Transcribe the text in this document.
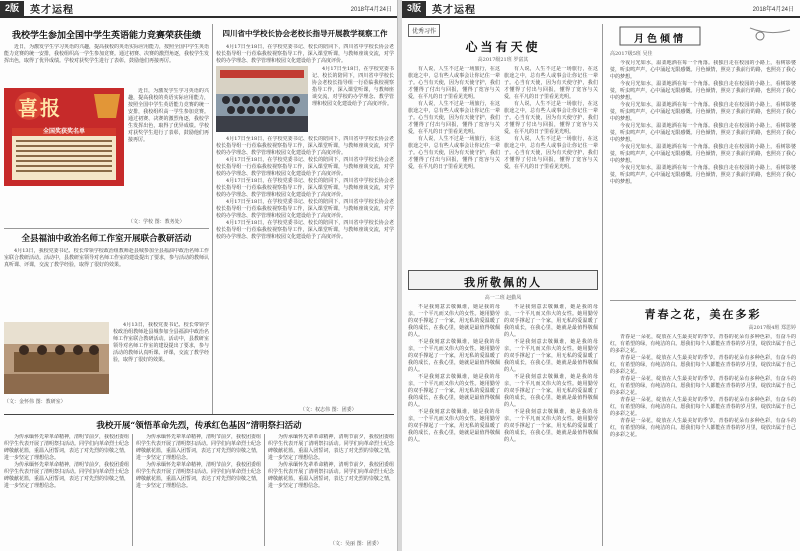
2版	英才运程	2018年4月24日
我校学生参加全国中学生英语能力竞赛荣获佳绩

近日，为激发学生学习英语的兴趣，提高我校的英语实际应用能力，按照全国中学生英语能力竞赛的统一安排，我校组织高一学生参加竞赛。通过初赛、决赛的激烈角逐，我校学生发挥出色，取得了优异成绩。学校对获奖学生进行了表彰，鼓励他们再接再厉。

喜报
全国奖获奖名单

近日，为激发学生学习英语的兴趣，提高我校的英语实际应用能力，按照全国中学生英语能力竞赛的统一安排，我校组织高一学生参加竞赛。通过初赛、决赛的激烈角逐，我校学生发挥出色，取得了优异成绩。学校对获奖学生进行了表彰，鼓励他们再接再厉。

（文：学校 图：教务处）
全县福油中政治名师工作室开展联合教研活动

4月13日，我校党委书记、校长带领学校政治组教师赴县城参加全县福油中政治名师工作室联合教研活动。活动中，县教研室领导对名师工作室的建设提出了要求，参与活动的教师认真听课、评课，交流了教学经验，取得了很好的效果。

4月13日，我校党委书记、校长带领学校政治组教师赴县城参加全县福油中政治名师工作室联合教研活动。活动中，县教研室领导对名师工作室的建设提出了要求，参与活动的教师认真听课、评课，交流了教学经验，取得了很好的效果。

（文：金怀伟 图：教研室）
四川省中学校长协会老校长指导开展教学视察工作

4月17日至18日，在学校党委书记、校长的陪同下，四川省中学校长协会老校长指导组一行莅临我校视察指导工作，深入课堂听课，与教师座谈交流，对学校的办学理念、教学管理和校园文化建设给予了高度评价。

4月17日至18日，在学校党委书记、校长的陪同下，四川省中学校长协会老校长指导组一行莅临我校视察指导工作，深入课堂听课，与教师座谈交流，对学校的办学理念、教学管理和校园文化建设给予了高度评价。

4月17日至18日，在学校党委书记、校长的陪同下，四川省中学校长协会老校长指导组一行莅临我校视察指导工作，深入课堂听课，与教师座谈交流，对学校的办学理念、教学管理和校园文化建设给予了高度评价。

4月17日至18日，在学校党委书记、校长的陪同下，四川省中学校长协会老校长指导组一行莅临我校视察指导工作，深入课堂听课，与教师座谈交流，对学校的办学理念、教学管理和校园文化建设给予了高度评价。

4月17日至18日，在学校党委书记、校长的陪同下，四川省中学校长协会老校长指导组一行莅临我校视察指导工作，深入课堂听课，与教师座谈交流，对学校的办学理念、教学管理和校园文化建设给予了高度评价。

4月17日至18日，在学校党委书记、校长的陪同下，四川省中学校长协会老校长指导组一行莅临我校视察指导工作，深入课堂听课，与教师座谈交流，对学校的办学理念、教学管理和校园文化建设给予了高度评价。

4月17日至18日，在学校党委书记、校长的陪同下，四川省中学校长协会老校长指导组一行莅临我校视察指导工作，深入课堂听课，与教师座谈交流，对学校的办学理念、教学管理和校园文化建设给予了高度评价。

（文：权志伟 图：团委）
我校开展“领悟革命先烈，传承红色基因”清明祭扫活动

为传承缅怀先辈革命精神，清明节前夕，我校团委组织学生代表开展了清明祭扫活动。同学们向革命烈士纪念碑敬献花篮，重温入团誓词，表达了对先烈的崇敬之情，进一步坚定了理想信念。

为传承缅怀先辈革命精神，清明节前夕，我校团委组织学生代表开展了清明祭扫活动。同学们向革命烈士纪念碑敬献花篮，重温入团誓词，表达了对先烈的崇敬之情，进一步坚定了理想信念。

为传承缅怀先辈革命精神，清明节前夕，我校团委组织学生代表开展了清明祭扫活动。同学们向革命烈士纪念碑敬献花篮，重温入团誓词，表达了对先烈的崇敬之情，进一步坚定了理想信念。

为传承缅怀先辈革命精神，清明节前夕，我校团委组织学生代表开展了清明祭扫活动。同学们向革命烈士纪念碑敬献花篮，重温入团誓词，表达了对先烈的崇敬之情，进一步坚定了理想信念。

为传承缅怀先辈革命精神，清明节前夕，我校团委组织学生代表开展了清明祭扫活动。同学们向革命烈士纪念碑敬献花篮，重温入团誓词，表达了对先烈的崇敬之情，进一步坚定了理想信念。

为传承缅怀先辈革命精神，清明节前夕，我校团委组织学生代表开展了清明祭扫活动。同学们向革命烈士纪念碑敬献花篮，重温入团誓词，表达了对先烈的崇敬之情，进一步坚定了理想信念。

（文：吴丽 图：团委）
3版	英才运程	2018年4月24日
优秀习作
心当有天使
高2017级21班 罗富其

有人说，人生不过是一场旅行，在这旅途之中，总有些人或事会让你记住一辈子。心当有天使，因为有天使守护，我们才懂得了付出与回报，懂得了宽容与关爱，在平凡的日子里看见光明。

有人说，人生不过是一场旅行，在这旅途之中，总有些人或事会让你记住一辈子。心当有天使，因为有天使守护，我们才懂得了付出与回报，懂得了宽容与关爱，在平凡的日子里看见光明。

有人说，人生不过是一场旅行，在这旅途之中，总有些人或事会让你记住一辈子。心当有天使，因为有天使守护，我们才懂得了付出与回报，懂得了宽容与关爱，在平凡的日子里看见光明。

有人说，人生不过是一场旅行，在这旅途之中，总有些人或事会让你记住一辈子。心当有天使，因为有天使守护，我们才懂得了付出与回报，懂得了宽容与关爱，在平凡的日子里看见光明。

有人说，人生不过是一场旅行，在这旅途之中，总有些人或事会让你记住一辈子。心当有天使，因为有天使守护，我们才懂得了付出与回报，懂得了宽容与关爱，在平凡的日子里看见光明。

有人说，人生不过是一场旅行，在这旅途之中，总有些人或事会让你记住一辈子。心当有天使，因为有天使守护，我们才懂得了付出与回报，懂得了宽容与关爱，在平凡的日子里看见光明。

我所敬佩的人
高一二班 赵勤凤

不是我刻意去敬佩谁，她是我的母亲，一个平凡而又伟大的女性。她用勤劳的双手撑起了一个家，用无私的爱温暖了我的成长，在我心里，她就是最值得敬佩的人。

不是我刻意去敬佩谁，她是我的母亲，一个平凡而又伟大的女性。她用勤劳的双手撑起了一个家，用无私的爱温暖了我的成长，在我心里，她就是最值得敬佩的人。

不是我刻意去敬佩谁，她是我的母亲，一个平凡而又伟大的女性。她用勤劳的双手撑起了一个家，用无私的爱温暖了我的成长，在我心里，她就是最值得敬佩的人。

不是我刻意去敬佩谁，她是我的母亲，一个平凡而又伟大的女性。她用勤劳的双手撑起了一个家，用无私的爱温暖了我的成长，在我心里，她就是最值得敬佩的人。

不是我刻意去敬佩谁，她是我的母亲，一个平凡而又伟大的女性。她用勤劳的双手撑起了一个家，用无私的爱温暖了我的成长，在我心里，她就是最值得敬佩的人。

不是我刻意去敬佩谁，她是我的母亲，一个平凡而又伟大的女性。她用勤劳的双手撑起了一个家，用无私的爱温暖了我的成长，在我心里，她就是最值得敬佩的人。

不是我刻意去敬佩谁，她是我的母亲，一个平凡而又伟大的女性。她用勤劳的双手撑起了一个家，用无私的爱温暖了我的成长，在我心里，她就是最值得敬佩的人。

不是我刻意去敬佩谁，她是我的母亲，一个平凡而又伟大的女性。她用勤劳的双手撑起了一个家，用无私的爱温暖了我的成长，在我心里，她就是最值得敬佩的人。

月色倾情
高2017级5班 吴佳

今夜月光如水，温柔地洒在每一个角落。我独自走在校园的小路上，看树影婆娑，听虫鸣声声，心中涌起无限感慨。月色倾情，照亮了我前行的路，也照亮了我心中的梦想。

今夜月光如水，温柔地洒在每一个角落。我独自走在校园的小路上，看树影婆娑，听虫鸣声声，心中涌起无限感慨。月色倾情，照亮了我前行的路，也照亮了我心中的梦想。

今夜月光如水，温柔地洒在每一个角落。我独自走在校园的小路上，看树影婆娑，听虫鸣声声，心中涌起无限感慨。月色倾情，照亮了我前行的路，也照亮了我心中的梦想。

今夜月光如水，温柔地洒在每一个角落。我独自走在校园的小路上，看树影婆娑，听虫鸣声声，心中涌起无限感慨。月色倾情，照亮了我前行的路，也照亮了我心中的梦想。

今夜月光如水，温柔地洒在每一个角落。我独自走在校园的小路上，看树影婆娑，听虫鸣声声，心中涌起无限感慨。月色倾情，照亮了我前行的路，也照亮了我心中的梦想。

今夜月光如水，温柔地洒在每一个角落。我独自走在校园的小路上，看树影婆娑，听虫鸣声声，心中涌起无限感慨。月色倾情，照亮了我前行的路，也照亮了我心中的梦想。

青春之花，美在多彩
高2017级4班 郑思婷

青春是一朵花，绽放在人生最美好的季节。青春的花朵有多种色彩，有奋斗的红，有希望的绿，有纯洁的白。愿我们每个人都能在青春的岁月里，绽放出属于自己的多彩之花。

青春是一朵花，绽放在人生最美好的季节。青春的花朵有多种色彩，有奋斗的红，有希望的绿，有纯洁的白。愿我们每个人都能在青春的岁月里，绽放出属于自己的多彩之花。

青春是一朵花，绽放在人生最美好的季节。青春的花朵有多种色彩，有奋斗的红，有希望的绿，有纯洁的白。愿我们每个人都能在青春的岁月里，绽放出属于自己的多彩之花。

青春是一朵花，绽放在人生最美好的季节。青春的花朵有多种色彩，有奋斗的红，有希望的绿，有纯洁的白。愿我们每个人都能在青春的岁月里，绽放出属于自己的多彩之花。

青春是一朵花，绽放在人生最美好的季节。青春的花朵有多种色彩，有奋斗的红，有希望的绿，有纯洁的白。愿我们每个人都能在青春的岁月里，绽放出属于自己的多彩之花。
